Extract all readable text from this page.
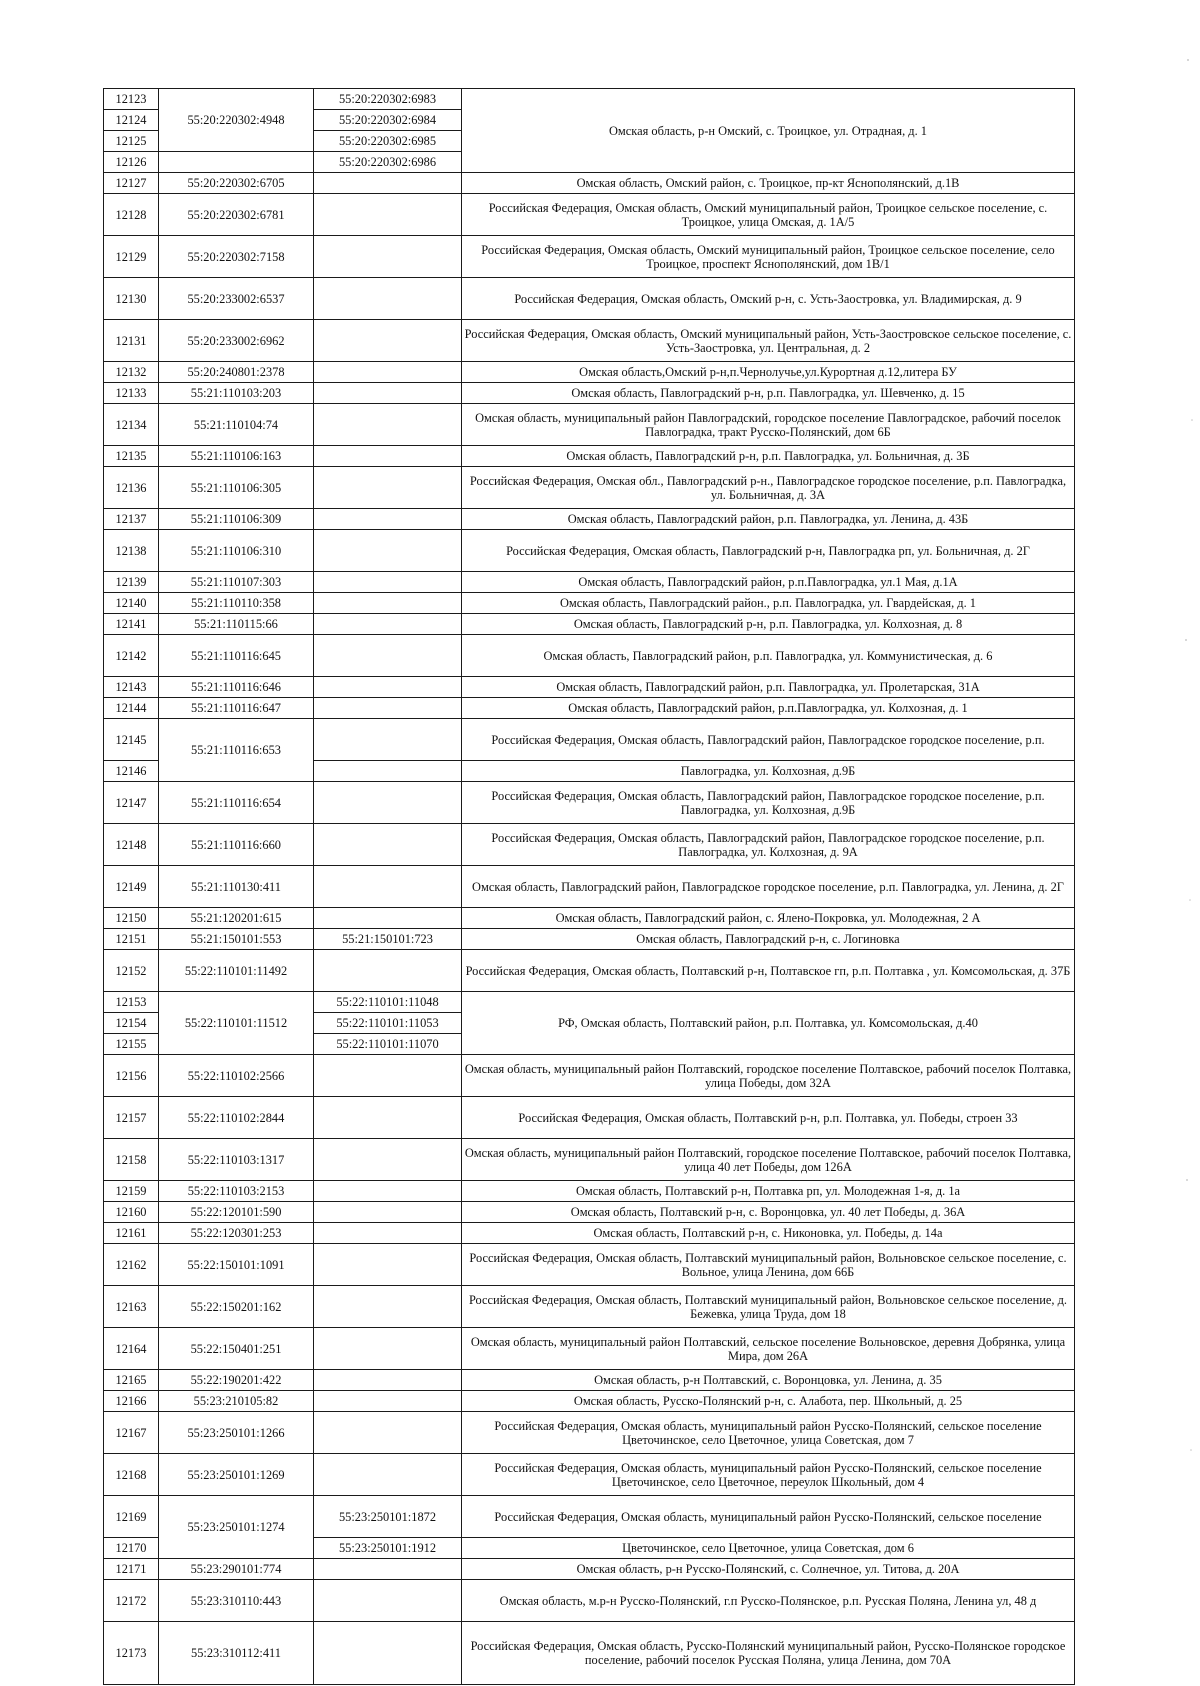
12123	55:20:220302:4948	55:20:220302:6983	Омская область, р-н Омский, с. Троицкое, ул. Отрадная, д. 1
12124		55:20:220302:6984	
12125		55:20:220302:6985	
12126		55:20:220302:6986	
12127	55:20:220302:6705		Омская область, Омский район, с. Троицкое, пр-кт Яснополянский, д.1В
12128	55:20:220302:6781		Российская Федерация, Омская область, Омский муниципальный район, Троицкое сельское поселение, с. Троицкое, улица Омская, д. 1А/5
12129	55:20:220302:7158		Российская Федерация, Омская область, Омский муниципальный район, Троицкое сельское поселение, село Троицкое, проспект Яснополянский, дом 1В/1
12130	55:20:233002:6537		Российская Федерация, Омская область, Омский р-н, с. Усть-Заостровка, ул. Владимирская, д. 9
12131	55:20:233002:6962		Российская Федерация, Омская область, Омский муниципальный район, Усть-Заостровское сельское поселение, с. Усть-Заостровка, ул. Центральная, д. 2
12132	55:20:240801:2378		Омская область,Омский р-н,п.Чернолучье,ул.Курортная д.12,литера БУ
12133	55:21:110103:203		Омская область, Павлоградский р-н, р.п. Павлоградка, ул. Шевченко, д. 15
12134	55:21:110104:74		Омская область, муниципальный район Павлоградский, городское поселение Павлоградское, рабочий поселок Павлоградка, тракт Русско-Полянский, дом 6Б
12135	55:21:110106:163		Омская область, Павлоградский р-н, р.п. Павлоградка, ул. Больничная, д. 3Б
12136	55:21:110106:305		Российская Федерация, Омская обл., Павлоградский р-н., Павлоградское городское поселение, р.п. Павлоградка, ул. Больничная, д. 3А
12137	55:21:110106:309		Омская область, Павлоградский район, р.п. Павлоградка, ул. Ленина, д. 43Б
12138	55:21:110106:310		Российская Федерация, Омская область, Павлоградский р-н, Павлоградка рп, ул. Больничная, д. 2Г
12139	55:21:110107:303		Омская область, Павлоградский район, р.п.Павлоградка, ул.1 Мая, д.1А
12140	55:21:110110:358		Омская область, Павлоградский район., р.п. Павлоградка, ул. Гвардейская, д. 1
12141	55:21:110115:66		Омская область, Павлоградский р-н, р.п. Павлоградка, ул. Колхозная, д. 8
12142	55:21:110116:645		Омская область, Павлоградский район, р.п. Павлоградка, ул. Коммунистическая, д. 6
12143	55:21:110116:646		Омская область, Павлоградский район, р.п. Павлоградка, ул. Пролетарская, 31А
12144	55:21:110116:647		Омская область, Павлоградский район, р.п.Павлоградка, ул. Колхозная, д. 1
12145	55:21:110116:653		Российская Федерация, Омская область, Павлоградский район, Павлоградское городское поселение, р.п.
12146			Павлоградка, ул. Колхозная, д.9Б
12147	55:21:110116:654		Российская Федерация, Омская область, Павлоградский район, Павлоградское городское поселение, р.п. Павлоградка, ул. Колхозная, д.9Б
12148	55:21:110116:660		Российская Федерация, Омская область, Павлоградский район, Павлоградское городское поселение, р.п. Павлоградка, ул. Колхозная, д. 9А
12149	55:21:110130:411		Омская область, Павлоградский район, Павлоградское городское поселение, р.п. Павлоградка, ул. Ленина, д. 2Г
12150	55:21:120201:615		Омская область, Павлоградский район, с. Ялено-Покровка, ул. Молодежная, 2 А
12151	55:21:150101:553	55:21:150101:723	Омская область, Павлоградский р-н, с. Логиновка
12152	55:22:110101:11492		Российская Федерация, Омская область, Полтавский р-н, Полтавское гп, р.п. Полтавка , ул. Комсомольская, д. 37Б
12153	55:22:110101:11512	55:22:110101:11048	РФ, Омская область, Полтавский район, р.п. Полтавка, ул. Комсомольская, д.40
12154		55:22:110101:11053	
12155		55:22:110101:11070	
12156	55:22:110102:2566		Омская область, муниципальный район Полтавский, городское поселение Полтавское, рабочий поселок Полтавка, улица Победы, дом 32А
12157	55:22:110102:2844		Российская Федерация, Омская область, Полтавский р-н, р.п. Полтавка, ул. Победы, строен 33
12158	55:22:110103:1317		Омская область, муниципальный район Полтавский, городское поселение Полтавское, рабочий поселок Полтавка, улица 40 лет Победы, дом 126А
12159	55:22:110103:2153		Омская область, Полтавский р-н, Полтавка рп, ул. Молодежная 1-я, д. 1а
12160	55:22:120101:590		Омская область, Полтавский р-н, с. Воронцовка, ул. 40 лет Победы, д. 36А
12161	55:22:120301:253		Омская область, Полтавский р-н, с. Никоновка, ул. Победы, д. 14а
12162	55:22:150101:1091		Российская Федерация, Омская область, Полтавский муниципальный район, Вольновское сельское поселение, с. Вольное, улица Ленина, дом 66Б
12163	55:22:150201:162		Российская Федерация, Омская область, Полтавский муниципальный район, Вольновское сельское поселение, д. Бежевка, улица Труда, дом 18
12164	55:22:150401:251		Омская область, муниципальный район Полтавский, сельское поселение Вольновское, деревня Добрянка, улица Мира, дом 26А
12165	55:22:190201:422		Омская область, р-н Полтавский, с. Воронцовка, ул. Ленина, д. 35
12166	55:23:210105:82		Омская область, Русско-Полянский р-н, с. Алабота, пер. Школьный, д. 25
12167	55:23:250101:1266		Российская Федерация, Омская область, муниципальный район Русско-Полянский, сельское поселение Цветочинское, село Цветочное, улица Советская, дом 7
12168	55:23:250101:1269		Российская Федерация, Омская область, муниципальный район Русско-Полянский, сельское поселение Цветочинское, село Цветочное, переулок Школьный, дом 4
12169	55:23:250101:1274	55:23:250101:1872	Российская Федерация, Омская область, муниципальный район Русско-Полянский, сельское поселение
12170		55:23:250101:1912	Цветочинское, село Цветочное, улица Советская, дом 6
12171	55:23:290101:774		Омская область, р-н Русско-Полянский, с. Солнечное, ул. Титова, д. 20А
12172	55:23:310110:443		Омская область, м.р-н Русско-Полянский, г.п Русско-Полянское, р.п. Русская Поляна, Ленина ул, 48 д
12173	55:23:310112:411		Российская Федерация, Омская область, Русско-Полянский муниципальный район, Русско-Полянское городское поселение, рабочий поселок Русская Поляна, улица Ленина, дом 70А
